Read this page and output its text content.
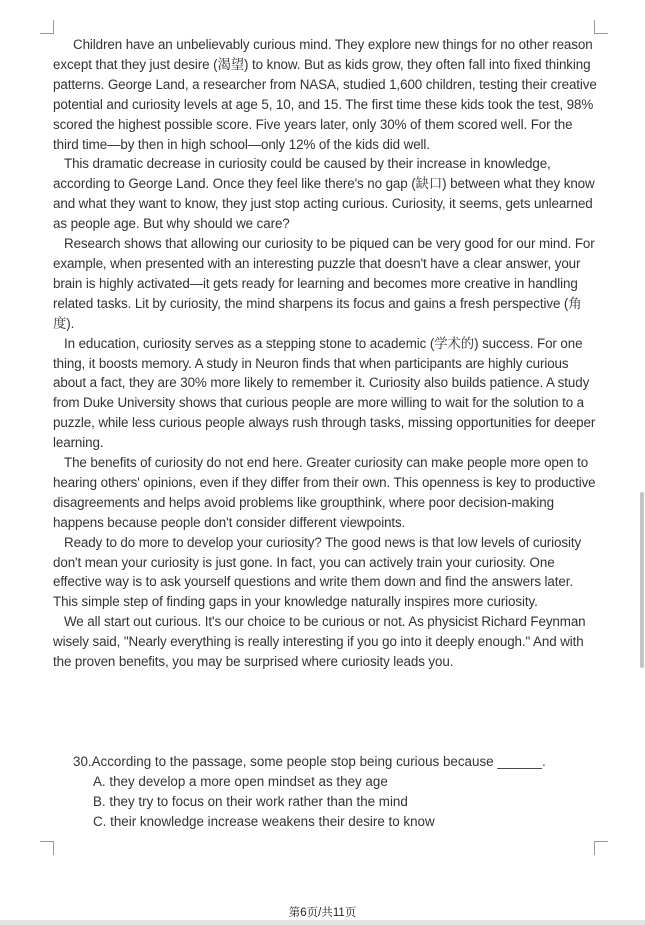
Children have an unbelievably curious mind. They explore new things for no other reason except that they just desire (渴望) to know. But as kids grow, they often fall into fixed thinking patterns. George Land, a researcher from NASA, studied 1,600 children, testing their creative potential and curiosity levels at age 5, 10, and 15. The first time these kids took the test, 98% scored the highest possible score. Five years later, only 30% of them scored well. For the third time—by then in high school—only 12% of the kids did well.

This dramatic decrease in curiosity could be caused by their increase in knowledge, according to George Land. Once they feel like there's no gap (缺口) between what they know and what they want to know, they just stop acting curious. Curiosity, it seems, gets unlearned as people age. But why should we care?

Research shows that allowing our curiosity to be piqued can be very good for our mind. For example, when presented with an interesting puzzle that doesn't have a clear answer, your brain is highly activated—it gets ready for learning and becomes more creative in handling related tasks. Lit by curiosity, the mind sharpens its focus and gains a fresh perspective (角度).

In education, curiosity serves as a stepping stone to academic (学术的) success. For one thing, it boosts memory. A study in Neuron finds that when participants are highly curious about a fact, they are 30% more likely to remember it. Curiosity also builds patience. A study from Duke University shows that curious people are more willing to wait for the solution to a puzzle, while less curious people always rush through tasks, missing opportunities for deeper learning.

The benefits of curiosity do not end here. Greater curiosity can make people more open to hearing others' opinions, even if they differ from their own. This openness is key to productive disagreements and helps avoid problems like groupthink, where poor decision-making happens because people don't consider different viewpoints.

Ready to do more to develop your curiosity? The good news is that low levels of curiosity don't mean your curiosity is just gone. In fact, you can actively train your curiosity. One effective way is to ask yourself questions and write them down and find the answers later. This simple step of finding gaps in your knowledge naturally inspires more curiosity.

We all start out curious. It's our choice to be curious or not. As physicist Richard Feynman wisely said, "Nearly everything is really interesting if you go into it deeply enough." And with the proven benefits, you may be surprised where curiosity leads you.

30.According to the passage, some people stop being curious because ______.
A. they develop a more open mindset as they age
B. they try to focus on their work rather than the mind
C. their knowledge increase weakens their desire to know
第6页/共11页
